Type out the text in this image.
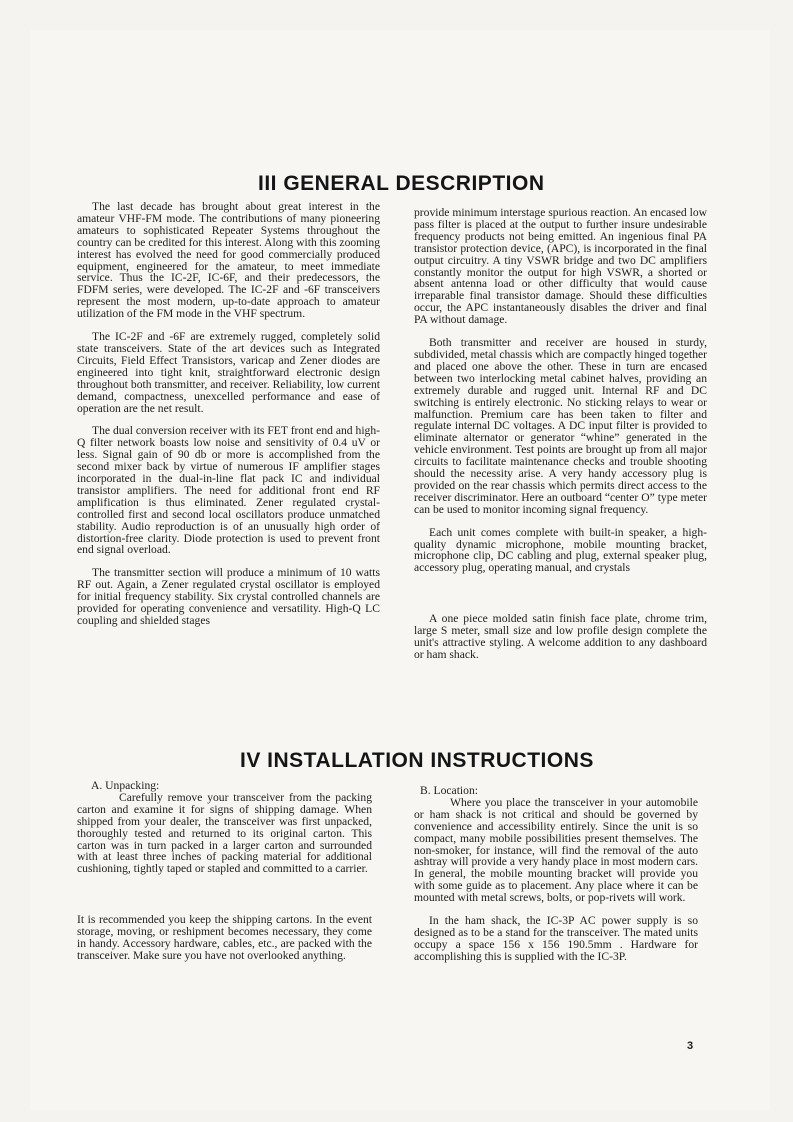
III GENERAL DESCRIPTION

The last decade has brought about great interest in the amateur VHF-FM mode. The contributions of many pioneering amateurs to sophisticated Repeater Systems throughout the country can be credited for this interest. Along with this zooming interest has evolved the need for good commercially produced equipment, engineered for the amateur, to meet immediate service. Thus the IC-2F, IC-6F, and their predecessors, the FDFM series, were developed. The IC-2F and -6F transceivers represent the most modern, up-to-date approach to amateur utilization of the FM mode in the VHF spectrum.

The IC-2F and -6F are extremely rugged, completely solid state transceivers. State of the art devices such as Integrated Circuits, Field Effect Transistors, varicap and Zener diodes are engineered into tight knit, straightforward electronic design throughout both transmitter, and receiver. Reliability, low current demand, compactness, unexcelled performance and ease of operation are the net result.

The dual conversion receiver with its FET front end and high-Q filter network boasts low noise and sensitivity of 0.4 uV or less. Signal gain of 90 db or more is accomplished from the second mixer back by virtue of numerous IF amplifier stages incorporated in the dual-in-line flat pack IC and individual transistor amplifiers. The need for additional front end RF amplification is thus eliminated. Zener regulated crystal-controlled first and second local oscillators produce unmatched stability. Audio reproduction is of an unusually high order of distortion-free clarity. Diode protection is used to prevent front end signal overload.

The transmitter section will produce a minimum of 10 watts RF out. Again, a Zener regulated crystal oscillator is employed for initial frequency stability. Six crystal controlled channels are provided for operating convenience and versatility. High-Q LC coupling and shielded stages

provide minimum interstage spurious reaction. An encased low pass filter is placed at the output to further insure undesirable frequency products not being emitted. An ingenious final PA transistor protection device, (APC), is incorporated in the final output circuitry. A tiny VSWR bridge and two DC amplifiers constantly monitor the output for high VSWR, a shorted or absent antenna load or other difficulty that would cause irreparable final transistor damage. Should these difficulties occur, the APC instantaneously disables the driver and final PA without damage.

Both transmitter and receiver are housed in sturdy, subdivided, metal chassis which are compactly hinged together and placed one above the other. These in turn are encased between two interlocking metal cabinet halves, providing an extremely durable and rugged unit. Internal RF and DC switching is entirely electronic. No sticking relays to wear or malfunction. Premium care has been taken to filter and regulate internal DC voltages. A DC input filter is provided to eliminate alternator or generator “whine” generated in the vehicle environment. Test points are brought up from all major circuits to facilitate maintenance checks and trouble shooting should the necessity arise. A very handy accessory plug is provided on the rear chassis which permits direct access to the receiver discriminator. Here an outboard “center O” type meter can be used to monitor incoming signal frequency.

Each unit comes complete with built-in speaker, a high-quality dynamic microphone, mobile mounting bracket, microphone clip, DC cabling and plug, external speaker plug, accessory plug, operating manual, and crystals

A one piece molded satin finish face plate, chrome trim, large S meter, small size and low profile design complete the unit's attractive styling. A welcome addition to any dashboard or ham shack.

IV INSTALLATION INSTRUCTIONS

A. Unpacking:

Carefully remove your transceiver from the packing carton and examine it for signs of shipping damage. When shipped from your dealer, the transceiver was first unpacked, thoroughly tested and returned to its original carton. This carton was in turn packed in a larger carton and surrounded with at least three inches of packing material for additional cushioning, tightly taped or stapled and committed to a carrier.

It is recommended you keep the shipping cartons. In the event storage, moving, or reshipment becomes necessary, they come in handy. Accessory hardware, cables, etc., are packed with the transceiver. Make sure you have not overlooked anything.

B. Location:

Where you place the transceiver in your automobile or ham shack is not critical and should be governed by convenience and accessibility entirely. Since the unit is so compact, many mobile possibilities present themselves. The non-smoker, for instance, will find the removal of the auto ashtray will provide a very handy place in most modern cars. In general, the mobile mounting bracket will provide you with some guide as to placement. Any place where it can be mounted with metal screws, bolts, or pop-rivets will work.

In the ham shack, the IC-3P AC power supply is so designed as to be a stand for the transceiver. The mated units occupy a space 156 x 156 190.5mm . Hardware for accomplishing this is supplied with the IC-3P.

3
